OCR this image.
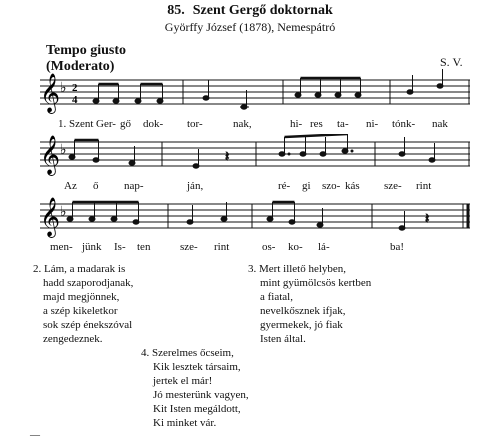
85. Szent Gergő doktornak
Györffy József (1878), Nemespátró
Tempo giusto
(Moderato)	S. V.
𝄞 ♭ 2
4
1. Szent Ger- gő dok- tor-	nak,	hi- res ta- ni- tónk- nak
𝄞 ♭	𝄽
Az ő nap-	ján,	ré- gi szo- kás sze- rint
𝄞 ♭	𝄽
men- jünk Is- ten	sze- rint	os- ko- lá-	ba!
2. Lám, a madarak is
hadd szaporodjanak,
majd megjönnek,
a szép kikeletkor
sok szép énekszóval
zengedeznek.
3. Mert illető helyben,
mint gyümölcsös kertben
a fiatal,
nevelkősznek ifjak,
gyermekek, jó fiak
Isten által.
4. Szerelmes őcseim,
Kik lesztek társaim,
jertek el már!
Jó mesterünk vagyen,
Kit Isten megáldott,
Ki minket vár.
—
